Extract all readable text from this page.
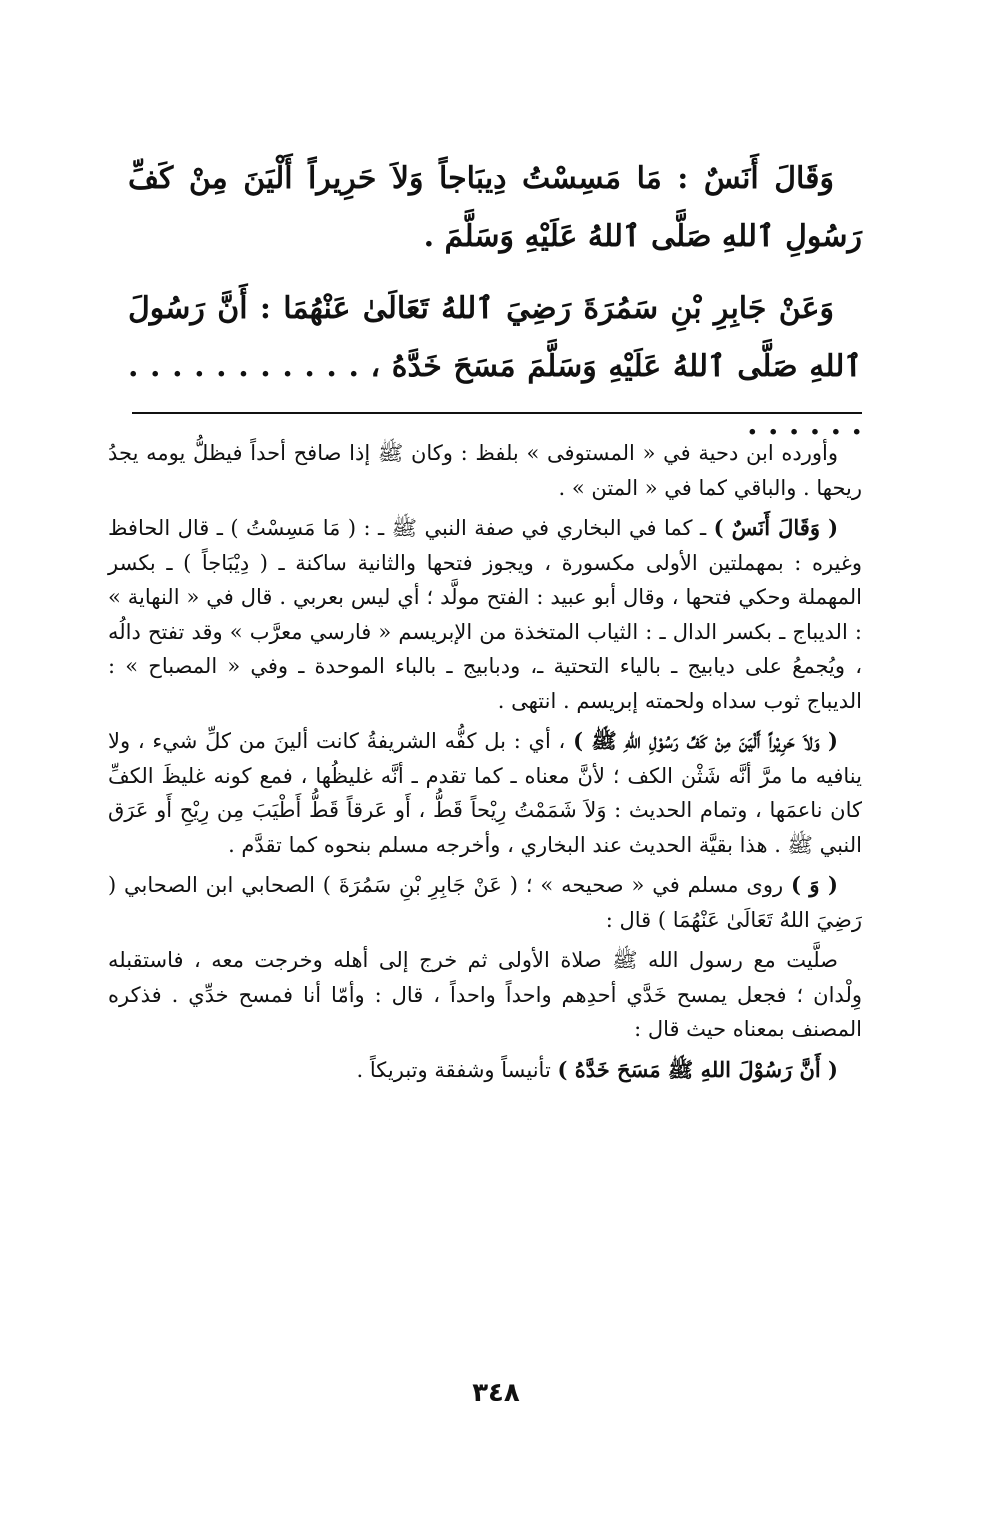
وَقَالَ أَنَسٌ : مَا مَسِسْتُ دِيبَاجاً وَلاَ حَرِيراً أَلْيَنَ مِنْ كَفِّ رَسُولِ ٱللهِ صَلَّى ٱللهُ عَلَيْهِ وَسَلَّمَ .

وَعَنْ جَابِرِ بْنِ سَمُرَةَ رَضِيَ ٱللهُ تَعَالَىٰ عَنْهُمَا : أَنَّ رَسُولَ ٱللهِ صَلَّى ٱللهُ عَلَيْهِ وَسَلَّمَ مَسَحَ خَدَّهُ ، . . . . . . . . . . . . . . . . .

وأورده ابن دحية في « المستوفى » بلفظ : وكان ﷺ إذا صافح أحداً فيظلُّ يومه يجدُ ريحها . والباقي كما في « المتن » .

( وَقَالَ أَنَسٌ ) ـ كما في البخاري في صفة النبي ﷺ ـ : ( مَا مَسِسْتُ ) ـ قال الحافظ وغيره : بمهملتين الأولى مكسورة ، ويجوز فتحها والثانية ساكنة ـ ( دِيْبَاجاً ) ـ بكسر المهملة وحكي فتحها ، وقال أبو عبيد : الفتح مولَّد ؛ أي ليس بعربي . قال في « النهاية » : الديباج ـ بكسر الدال ـ : الثياب المتخذة من الإبريسم « فارسي معرَّب » وقد تفتح دالُه ، ويُجمعُ على ديابيج ـ بالياء التحتية ـ، ودبابيج ـ بالباء الموحدة ـ وفي « المصباح » : الديباج ثوب سداه ولحمته إبريسم . انتهى .

( وَلاَ حَرِيْراً أَلْيَنَ مِنْ كَفِّ رَسُوْلِ اللهِ ﷺ ) ، أي : بل كفُّه الشريفةُ كانت ألينَ من كلِّ شيء ، ولا ينافيه ما مرَّ أنَّه شَثْن الكف ؛ لأنَّ معناه ـ كما تقدم ـ أنَّه غليظُها ، فمع كونه غليظَ الكفِّ كان ناعمَها ، وتمام الحديث : وَلاَ شَمَمْتُ رِيْحاً قَطُّ ، أَو عَرقاً قَطُّ أَطْيَبَ مِن رِيْحِ أَو عَرَق النبي ﷺ . هذا بقيَّة الحديث عند البخاري ، وأخرجه مسلم بنحوه كما تقدَّم .

( وَ ) روى مسلم في « صحيحه » ؛ ( عَنْ جَابِرِ بْنِ سَمُرَةَ ) الصحابي ابن الصحابي ( رَضِيَ اللهُ تَعَالَىٰ عَنْهُمَا ) قال :

صلَّيت مع رسول الله ﷺ صلاة الأولى ثم خرج إلى أهله وخرجت معه ، فاستقبله وِلْدان ؛ فجعل يمسح خَدَّي أحدِهم واحداً واحداً ، قال : وأمّا أنا فمسح خدِّي . فذكره المصنف بمعناه حيث قال :

( أَنَّ رَسُوْلَ اللهِ ﷺ مَسَحَ خَدَّهُ ) تأنيساً وشفقة وتبريكاً .

٣٤٨
